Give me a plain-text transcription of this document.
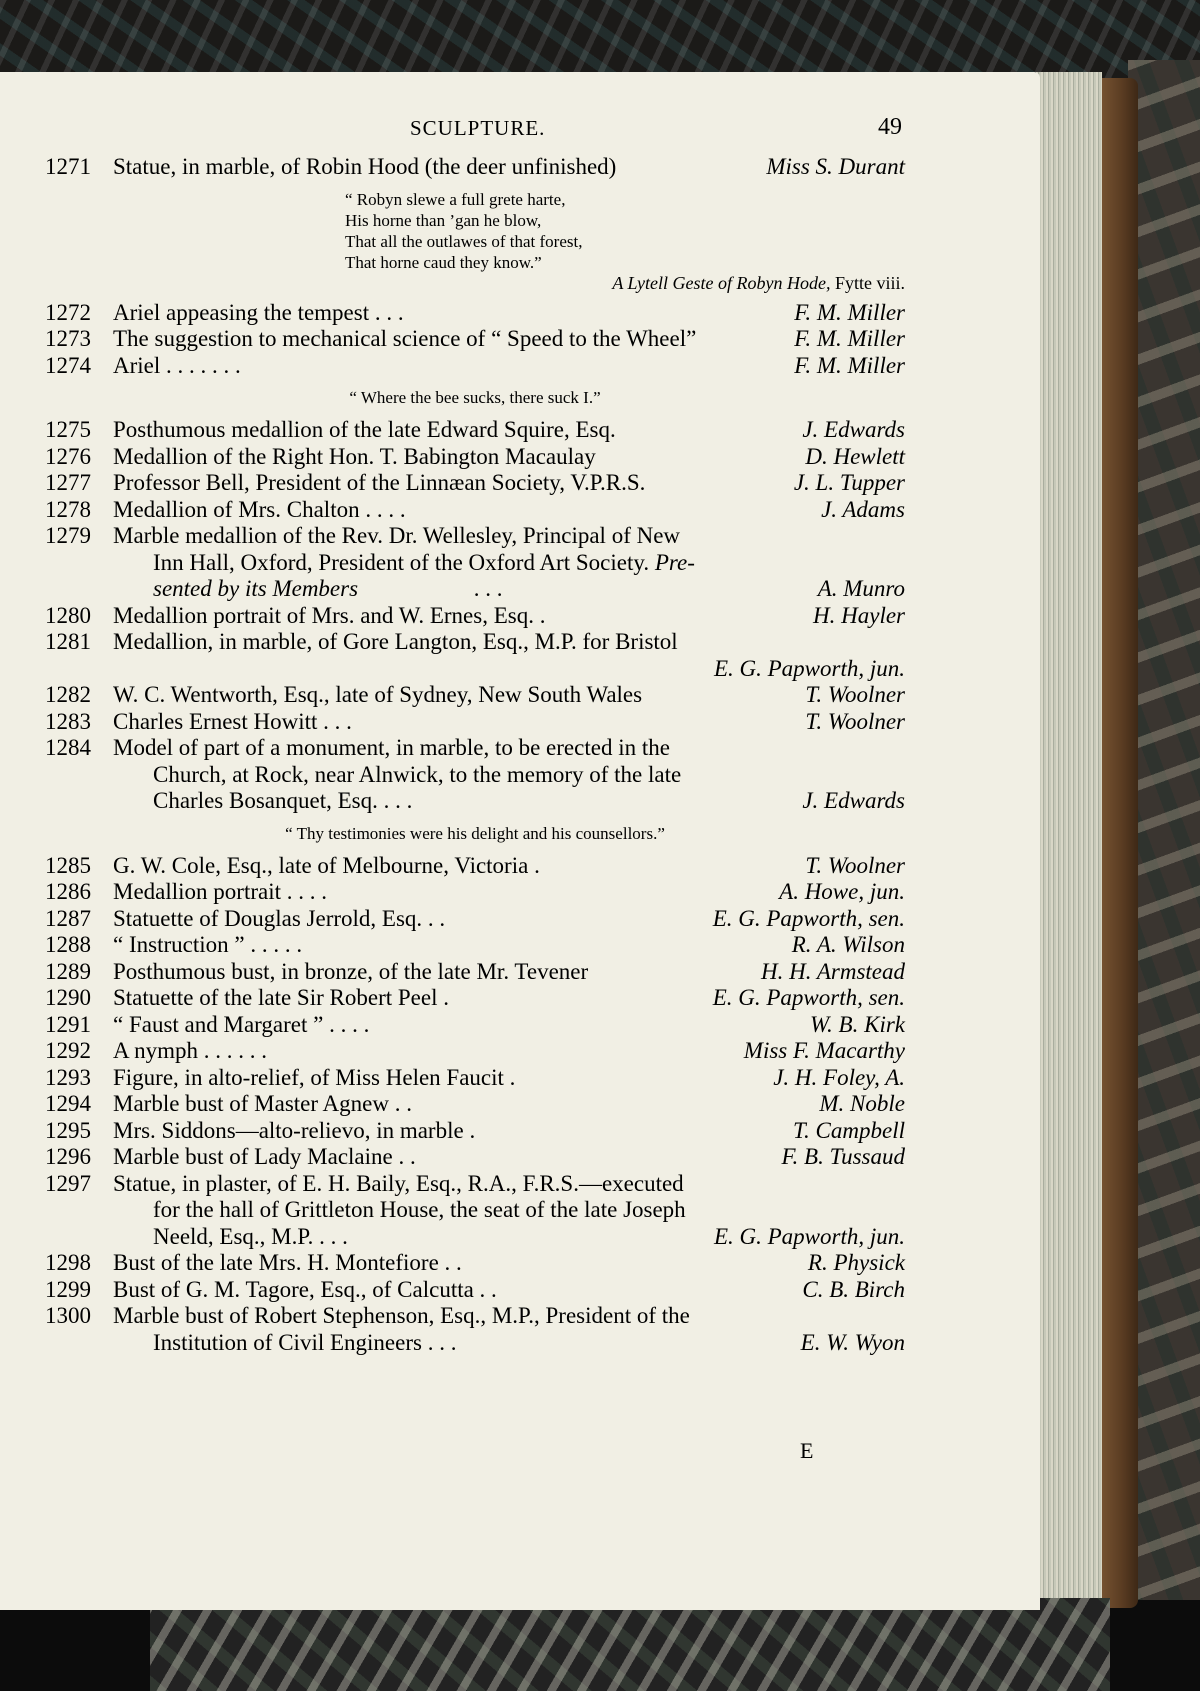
SCULPTURE.	49
1271 Statue, in marble, of Robin Hood (the deer unfinished)	Miss S. Durant
“ Robyn slewe a full grete harte,
His horne than ’gan he blow,
That all the outlawes of that forest,
That horne caud they know.”
A Lytell Geste of Robyn Hode, Fytte viii.
1272 Ariel appeasing the tempest . . .	F. M. Miller
1273 The suggestion to mechanical science of “ Speed to the Wheel”	F. M. Miller
1274 Ariel . . . . . . .	F. M. Miller
“ Where the bee sucks, there suck I.”
1275 Posthumous medallion of the late Edward Squire, Esq.	J. Edwards
1276 Medallion of the Right Hon. T. Babington Macaulay	D. Hewlett
1277 Professor Bell, President of the Linnæan Society, V.P.R.S.	J. L. Tupper
1278 Medallion of Mrs. Chalton . . . .	J. Adams
1279 Marble medallion of the Rev. Dr. Wellesley, Principal of New
Inn Hall, Oxford, President of the Oxford Art Society. Pre-
sented by its Members	. . .	A. Munro
1280 Medallion portrait of Mrs. and W. Ernes, Esq. .	H. Hayler
1281 Medallion, in marble, of Gore Langton, Esq., M.P. for Bristol
E. G. Papworth, jun.
1282 W. C. Wentworth, Esq., late of Sydney, New South Wales	T. Woolner
1283 Charles Ernest Howitt . . .	T. Woolner
1284 Model of part of a monument, in marble, to be erected in the
Church, at Rock, near Alnwick, to the memory of the late
Charles Bosanquet, Esq. . . .	J. Edwards
“ Thy testimonies were his delight and his counsellors.”
1285 G. W. Cole, Esq., late of Melbourne, Victoria .	T. Woolner
1286 Medallion portrait . . . .	A. Howe, jun.
1287 Statuette of Douglas Jerrold, Esq. . .	E. G. Papworth, sen.
1288 “ Instruction ” . . . . .	R. A. Wilson
1289 Posthumous bust, in bronze, of the late Mr. Tevener	H. H. Armstead
1290 Statuette of the late Sir Robert Peel .	E. G. Papworth, sen.
1291 “ Faust and Margaret ” . . . .	W. B. Kirk
1292 A nymph . . . . . .	Miss F. Macarthy
1293 Figure, in alto-relief, of Miss Helen Faucit .	J. H. Foley, A.
1294 Marble bust of Master Agnew . .	M. Noble
1295 Mrs. Siddons—alto-relievo, in marble .	T. Campbell
1296 Marble bust of Lady Maclaine . .	F. B. Tussaud
1297 Statue, in plaster, of E. H. Baily, Esq., R.A., F.R.S.—executed
for the hall of Grittleton House, the seat of the late Joseph
Neeld, Esq., M.P. . . .	E. G. Papworth, jun.
1298 Bust of the late Mrs. H. Montefiore . .	R. Physick
1299 Bust of G. M. Tagore, Esq., of Calcutta . .	C. B. Birch
1300 Marble bust of Robert Stephenson, Esq., M.P., President of the
Institution of Civil Engineers . . .	E. W. Wyon
E
